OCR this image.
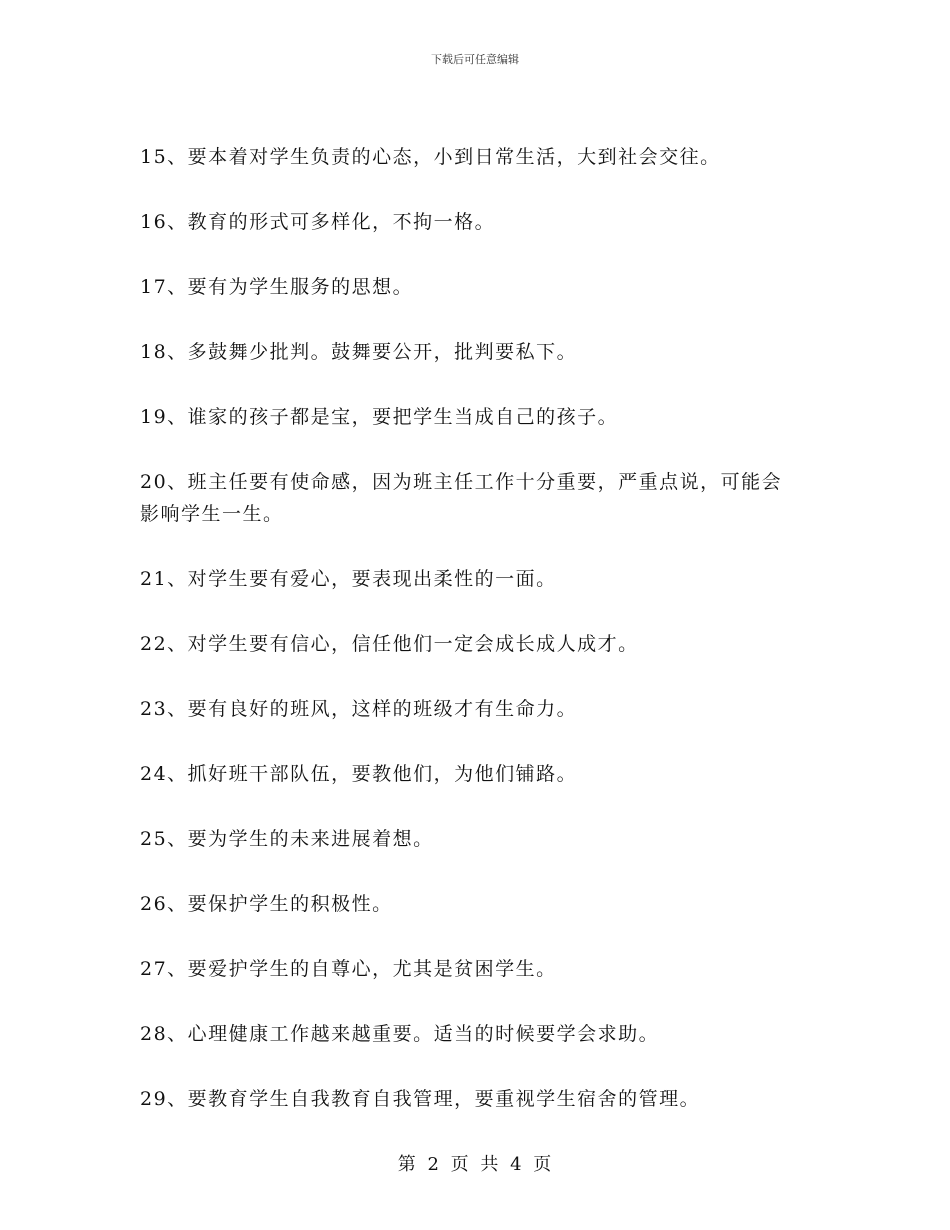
下载后可任意编辑

15、要本着对学生负责的心态，小到日常生活，大到社会交往。

16、教育的形式可多样化，不拘一格。

17、要有为学生服务的思想。

18、多鼓舞少批判。鼓舞要公开，批判要私下。

19、谁家的孩子都是宝，要把学生当成自己的孩子。

20、班主任要有使命感，因为班主任工作十分重要，严重点说，可能会影响学生一生。

21、对学生要有爱心，要表现出柔性的一面。

22、对学生要有信心，信任他们一定会成长成人成才。

23、要有良好的班风，这样的班级才有生命力。

24、抓好班干部队伍，要教他们，为他们铺路。

25、要为学生的未来进展着想。

26、要保护学生的积极性。

27、要爱护学生的自尊心，尤其是贫困学生。

28、心理健康工作越来越重要。适当的时候要学会求助。

29、要教育学生自我教育自我管理，要重视学生宿舍的管理。

第 2 页 共 4 页
